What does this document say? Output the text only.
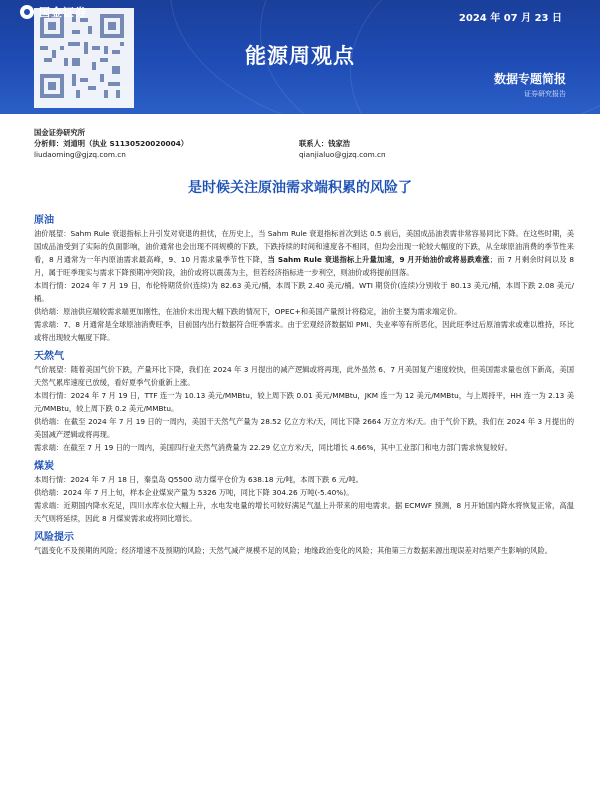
国金证券	2024 年 07 月 23 日
能源周观点
数据专题简报
证券研究报告
国金证券研究所
分析师：刘道明（执业 S1130520020004）	联系人：钱家浩
liudaoming@gjzq.com.cn	qianjialuo@gjzq.com.cn
是时候关注原油需求端积累的风险了
原油

油价展望：Sahm Rule 衰退指标上升引发对衰退的担忧，在历史上，当 Sahm Rule 衰退指标首次到达 0.5 前后，美国成品油表需非常容易同比下降。在这些时期，美国成品油受到了实际的负面影响，油价通常也会出现不同规模的下跌，下跌持续的时间和速度各不相同，但均会出现一轮较大幅度的下跌，从全球原油消费的季节性来看，8 月通常为一年内原油需求最高峰，9、10 月需求量季节性下降，当 Sahm Rule 衰退指标上升量加速，9 月开始油价或将易跌难涨；而 7 月剩余时间以及 8 月，属于旺季现实与需求下降预期冲突阶段，油价或将以震荡为主，但若经济指标进一步利空，则油价或将提前回落。

本周行情：2024 年 7 月 19 日，布伦特期货价(连续)为 82.63 美元/桶，本周下跌 2.40 美元/桶。WTI 期货价(连续)分别收于 80.13 美元/桶，本周下跌 2.08 美元/桶。

供给端：原油供应端较需求端更加刚性，在油价未出现大幅下跌的情况下，OPEC+和美国产量预计将稳定，油价主要为需求端定价。

需求端：7、8 月通常是全球原油消费旺季，目前国内出行数据符合旺季需求。由于宏观经济数据如 PMI、失业率等有所恶化，因此旺季过后原油需求或难以维持，环比或将出现较大幅度下降。

天然气

气价展望：随着美国气价下跌，产量环比下降，我们在 2024 年 3 月提出的减产逻辑或将再现，此外虽然 6、7 月美国复产速度较快，但美国需求量也创下新高，美国天然气累库速度已放缓，看好夏季气价重新上涨。

本周行情：2024 年 7 月 19 日，TTF 连一为 10.13 美元/MMBtu，较上周下跌 0.01 美元/MMBtu，JKM 连一为 12 美元/MMBtu，与上周持平，HH 连一为 2.13 美元/MMBtu，较上周下跌 0.2 美元/MMBtu。

供给端：在截至 2024 年 7 月 19 日的一周内，美国干天然气产量为 28.52 亿立方米/天，同比下降 2664 万立方米/天。由于气价下跌，我们在 2024 年 3 月提出的美国减产逻辑或将再现。

需求端：在截至 7 月 19 日的一周内，美国四行业天然气消费量为 22.29 亿立方米/天，同比增长 4.66%，其中工业部门和电力部门需求恢复较好。

煤炭

本周行情：2024 年 7 月 18 日，秦皇岛 Q5500 动力煤平仓价为 638.18 元/吨，本周下跌 6 元/吨。

供给端：2024 年 7 月上旬，样本企业煤炭产量为 5326 万吨，同比下降 304.26 万吨(-5.40%)。

需求端：近期国内降水充足，四川水库水位大幅上升，水电发电量的增长可较好满足气温上升带来的用电需求。据 ECMWF 预测，8 月开始国内降水将恢复正常，高温天气则将延续，因此 8 月煤炭需求或将同比增长。

风险提示

气温变化不及预期的风险；经济增速不及预期的风险；天然气减产规模不足的风险；地缘政治变化的风险；其他第三方数据来源出现误差对结果产生影响的风险。
